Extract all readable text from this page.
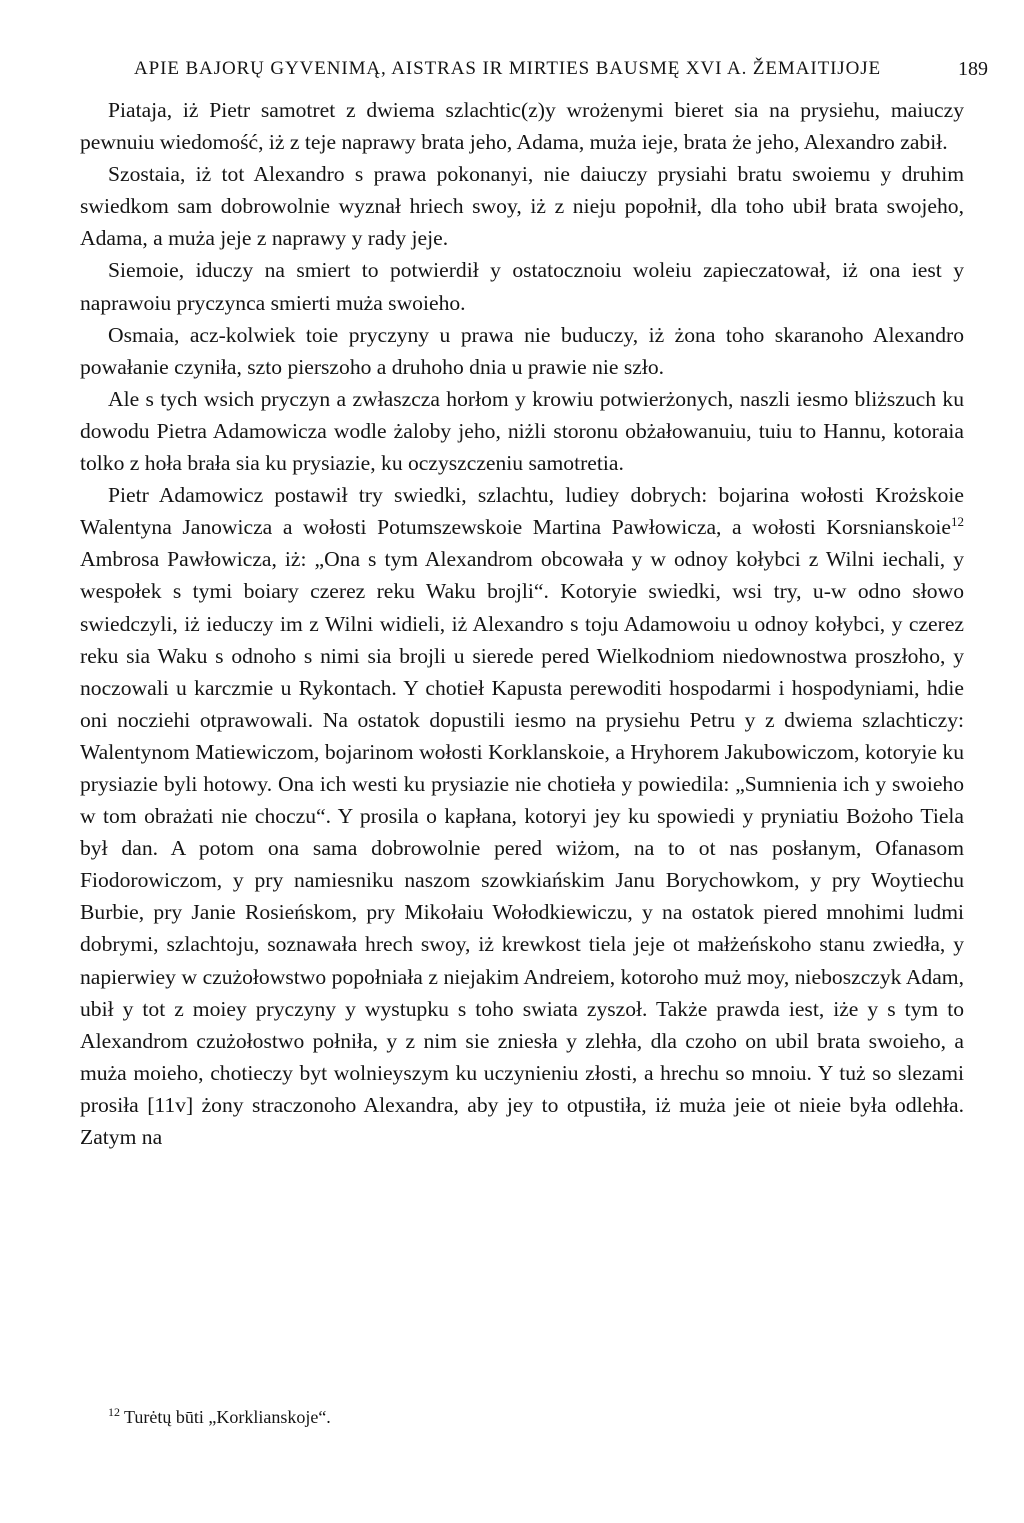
APIE BAJORŲ GYVENIMĄ, AISTRAS IR MIRTIES BAUSMĘ XVI A. ŽEMAITIJOJE	189

Piataja, iż Pietr samotret z dwiema szlachtic(z)y wrożenymi bieret sia na prysiehu, maiuczy pewnuiu wiedomość, iż z teje naprawy brata jeho, Adama, muża ieje, brata że jeho, Alexandro zabił.

Szostaia, iż tot Alexandro s prawa pokonanyi, nie daiuczy prysiahi bratu swoiemu y druhim swiedkom sam dobrowolnie wyznał hriech swoy, iż z nieju popołnił, dla toho ubił brata swojeho, Adama, a muża jeje z naprawy y rady jeje.

Siemoie, iduczy na smiert to potwierdił y ostatocznoiu woleiu zapieczatował, iż ona iest y naprawoiu pryczynca smierti muża swoieho.

Osmaia, acz-kolwiek toie pryczyny u prawa nie buduczy, iż żona toho skaranoho Alexandro powałanie czyniła, szto pierszoho a druhoho dnia u prawie nie szło.

Ale s tych wsich pryczyn a zwłaszcza horłom y krowiu potwierżonych, naszli iesmo bliższuch ku dowodu Pietra Adamowicza wodle żaloby jeho, niżli storonu obżałowanuiu, tuiu to Hannu, kotoraia tolko z hoła brała sia ku prysiazie, ku oczyszczeniu samotretia.

Pietr Adamowicz postawił try swiedki, szlachtu, ludiey dobrych: bojarina wołosti Krożskoie Walentyna Janowicza a wołosti Potumszewskoie Martina Pawłowicza, a wołosti Korsnianskoie$^{12}$ Ambrosa Pawłowicza, iż: „Ona s tym Alexandrom obcowała y w odnoy kołybci z Wilni iechali, y wespołek s tymi boiary czerez reku Waku brojli“. Kotoryie swiedki, wsi try, u-w odno słowo swiedczyli, iż ieduczy im z Wilni widieli, iż Alexandro s toju Adamowoiu u odnoy kołybci, y czerez reku sia Waku s odnoho s nimi sia brojli u sierede pered Wielkodniom niedownostwa proszłoho, y noczowali u karczmie u Rykontach. Y chotieł Kapusta perewoditi hospodarmi i hospodyniami, hdie oni nocziehi otprawowali. Na ostatok dopustili iesmo na prysiehu Petru y z dwiema szlachticzy: Walentynom Matiewiczom, bojarinom wołosti Korklanskoie, a Hryhorem Jakubowiczom, kotoryie ku prysiazie byli hotowy. Ona ich westi ku prysiazie nie chotieła y powiedila: „Sumnienia ich y swoieho w tom obrażati nie choczu“. Y prosila o kapłana, kotoryi jey ku spowiedi y pryniatiu Bożoho Tiela był dan. A potom ona sama dobrowolnie pered wiżom, na to ot nas posłanym, Ofanasom Fiodorowiczom, y pry namiesniku naszom szowkiańskim Janu Borychowkom, y pry Woytiechu Burbie, pry Janie Rosieńskom, pry Mikołaiu Wołodkiewiczu, y na ostatok piered mnohimi ludmi dobrymi, szlachtoju, soznawała hrech swoy, iż krewkost tiela jeje ot małżeńskoho stanu zwiedła, y napierwiey w czużołowstwo popołniała z niejakim Andreiem, kotoroho muż moy, nieboszczyk Adam, ubił y tot z moiey pryczyny y wystupku s toho swiata zyszoł. Także prawda iest, iże y s tym to Alexandrom czużołostwo połniła, y z nim sie zniesła y zlehła, dla czoho on ubil brata swoieho, a muża moieho, chotieczy byt wolnieyszym ku uczynieniu złosti, a hrechu so mnoiu. Y tuż so slezami prosiła [11v] żony straczonoho Alexandra, aby jey to otpustiła, iż muża jeie ot nieie była odlehła. Zatym na

$^{12}$ Turėtų būti „Korklianskoje“.
